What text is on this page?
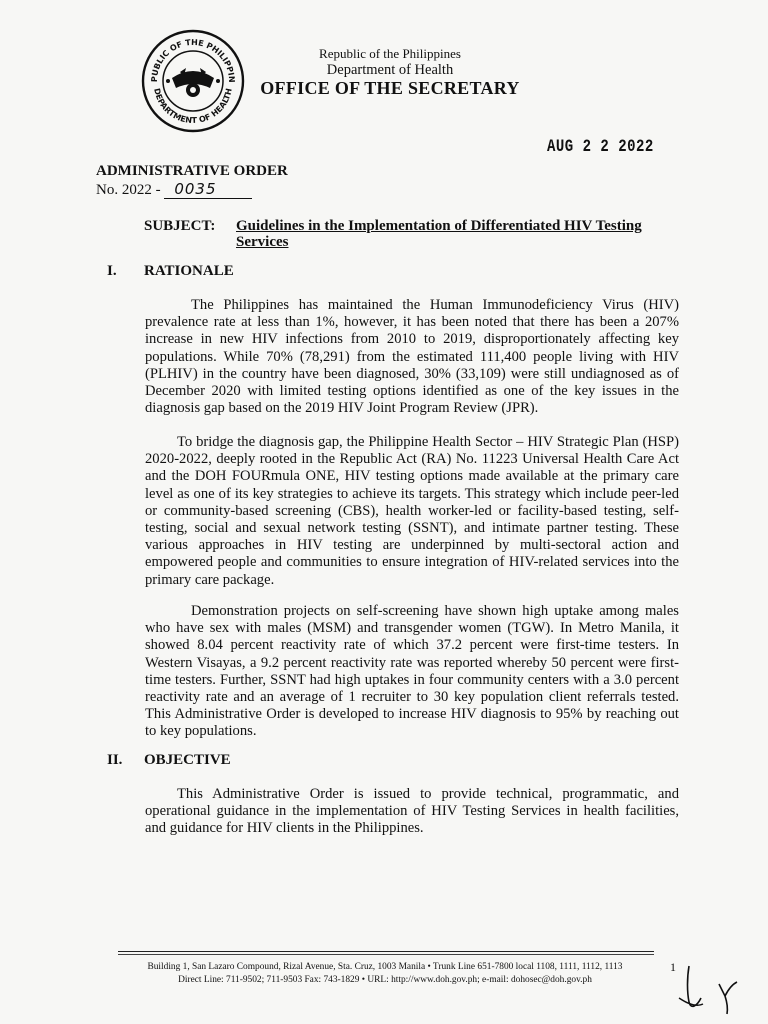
PUBLIC OF THE PHILIPPIN
DEPARTMENT OF HEALTH
Republic of the Philippines
Department of Health
OFFICE OF THE SECRETARY
AUG 2 2 2022
ADMINISTRATIVE ORDER
No. 2022 - 0035
SUBJECT: Guidelines in the Implementation of Differentiated HIV Testing
Services
I. RATIONALE

The Philippines has maintained the Human Immunodeficiency Virus (HIV) prevalence rate at less than 1%, however, it has been noted that there has been a 207% increase in new HIV infections from 2010 to 2019, disproportionately affecting key populations. While 70% (78,291) from the estimated 111,400 people living with HIV (PLHIV) in the country have been diagnosed, 30% (33,109) were still undiagnosed as of December 2020 with limited testing options identified as one of the key issues in the diagnosis gap based on the 2019 HIV Joint Program Review (JPR).

To bridge the diagnosis gap, the Philippine Health Sector – HIV Strategic Plan (HSP) 2020-2022, deeply rooted in the Republic Act (RA) No. 11223 Universal Health Care Act and the DOH FOURmula ONE, HIV testing options made available at the primary care level as one of its key strategies to achieve its targets. This strategy which include peer-led or community-based screening (CBS), health worker-led or facility-based testing, self-testing, social and sexual network testing (SSNT), and intimate partner testing. These various approaches in HIV testing are underpinned by multi-sectoral action and empowered people and communities to ensure integration of HIV-related services into the primary care package.

Demonstration projects on self-screening have shown high uptake among males who have sex with males (MSM) and transgender women (TGW). In Metro Manila, it showed 8.04 percent reactivity rate of which 37.2 percent were first-time testers. In Western Visayas, a 9.2 percent reactivity rate was reported whereby 50 percent were first-time testers. Further, SSNT had high uptakes in four community centers with a 3.0 percent reactivity rate and an average of 1 recruiter to 30 key population client referrals tested. This Administrative Order is developed to increase HIV diagnosis to 95% by reaching out to key populations.

II. OBJECTIVE

This Administrative Order is issued to provide technical, programmatic, and operational guidance in the implementation of HIV Testing Services in health facilities, and guidance for HIV clients in the Philippines.

Building 1, San Lazaro Compound, Rizal Avenue, Sta. Cruz, 1003 Manila • Trunk Line 651-7800 local 1108, 1111, 1112, 1113
Direct Line: 711-9502; 711-9503 Fax: 743-1829 • URL: http://www.doh.gov.ph; e-mail: dohosec@doh.gov.ph
1
